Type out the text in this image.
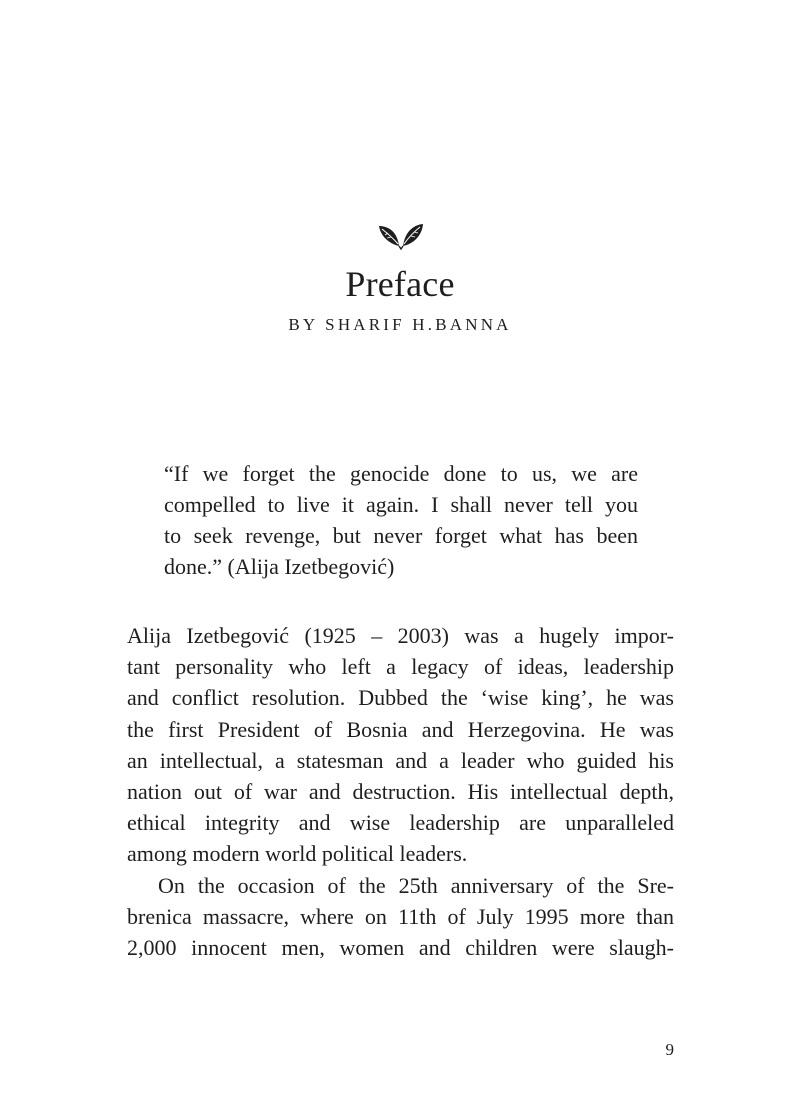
Preface

BY SHARIF H.BANNA

“If we forget the genocide done to us, we are
compelled to live it again. I shall never tell you
to seek revenge, but never forget what has been
done.” (Alija Izetbegović)
Alija Izetbegović (1925 – 2003) was a hugely impor-
tant personality who left a legacy of ideas, leadership
and conflict resolution. Dubbed the ‘wise king’, he was
the first President of Bosnia and Herzegovina. He was
an intellectual, a statesman and a leader who guided his
nation out of war and destruction. His intellectual depth,
ethical integrity and wise leadership are unparalleled
among modern world political leaders.
On the occasion of the 25th anniversary of the Sre-
brenica massacre, where on 11th of July 1995 more than
2,000 innocent men, women and children were slaugh-

9
